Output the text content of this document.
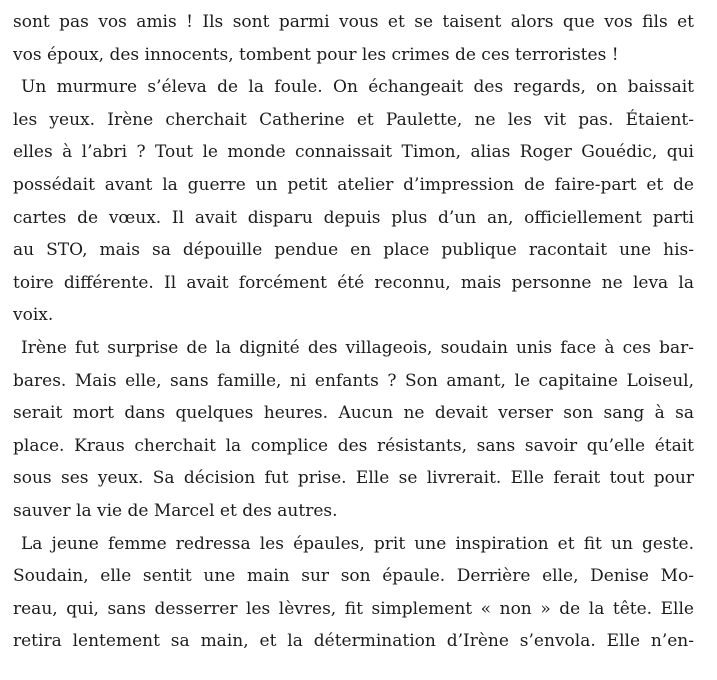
sont pas vos amis ! Ils sont parmi vous et se taisent alors que vos fils et
vos époux, des innocents, tombent pour les crimes de ces terroristes !
Un murmure s’éleva de la foule. On échangeait des regards, on baissait
les yeux. Irène cherchait Catherine et Paulette, ne les vit pas. Étaient-
elles à l’abri ? Tout le monde connaissait Timon, alias Roger Gouédic, qui
possédait avant la guerre un petit atelier d’impression de faire-part et de
cartes de vœux. Il avait disparu depuis plus d’un an, officiellement parti
au STO, mais sa dépouille pendue en place publique racontait une his-
toire différente. Il avait forcément été reconnu, mais personne ne leva la
voix.
Irène fut surprise de la dignité des villageois, soudain unis face à ces bar-
bares. Mais elle, sans famille, ni enfants ? Son amant, le capitaine Loiseul,
serait mort dans quelques heures. Aucun ne devait verser son sang à sa
place. Kraus cherchait la complice des résistants, sans savoir qu’elle était
sous ses yeux. Sa décision fut prise. Elle se livrerait. Elle ferait tout pour
sauver la vie de Marcel et des autres.
La jeune femme redressa les épaules, prit une inspiration et fit un geste.
Soudain, elle sentit une main sur son épaule. Derrière elle, Denise Mo-
reau, qui, sans desserrer les lèvres, fit simplement « non » de la tête. Elle
retira lentement sa main, et la détermination d’Irène s’envola. Elle n’en-
